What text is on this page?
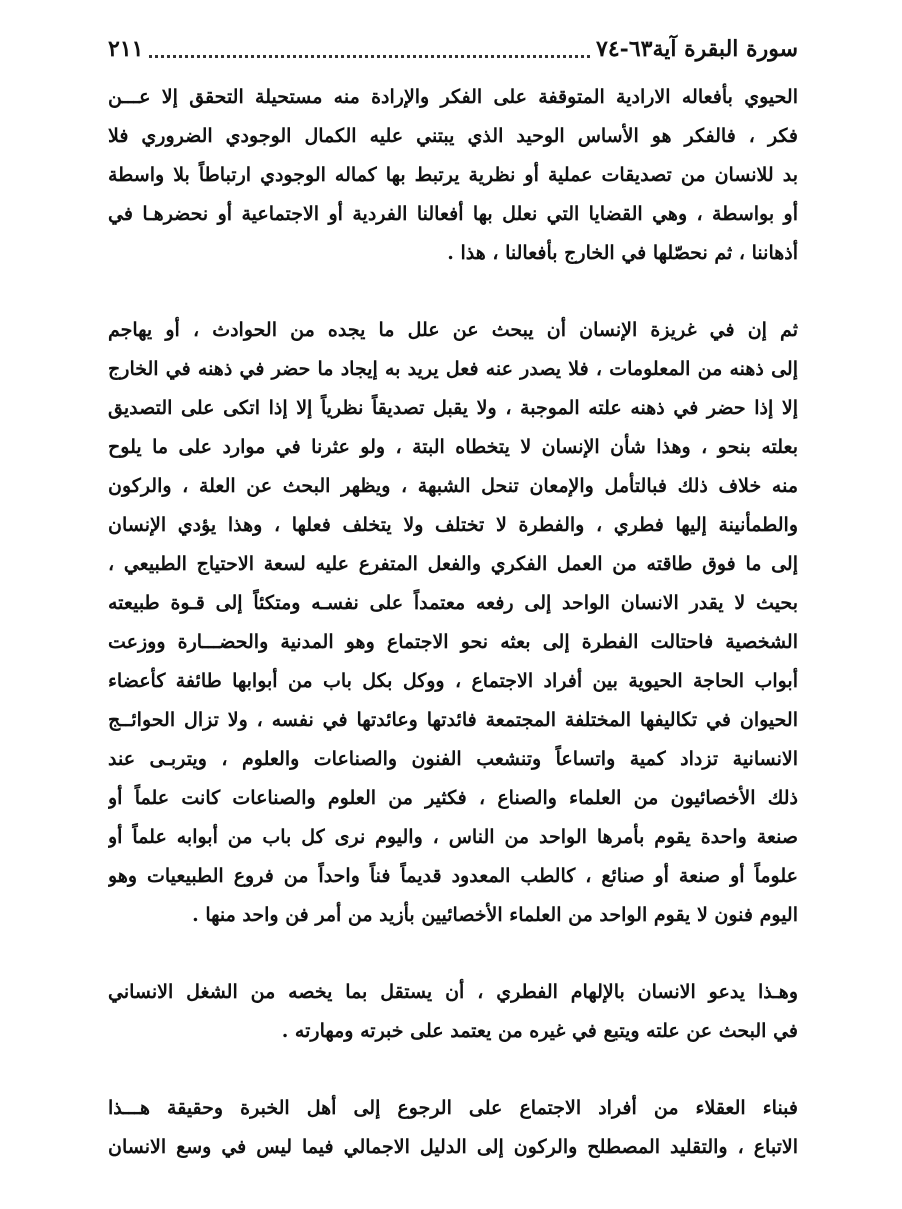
سورة البقرة آية٦٣-٧٤
٢١١
الحيوي بأفعاله الارادية المتوقفة على الفكر والإرادة منه مستحيلة التحقق إلا عـــن
فكر ، فالفكر هو الأساس الوحيد الذي يبتني عليه الكمال الوجودي الضروري فلا
بد للانسان من تصديقات عملية أو نظرية يرتبط بها كماله الوجودي ارتباطاً بلا واسطة
أو بواسطة ، وهي القضايا التي نعلل بها أفعالنا الفردية أو الاجتماعية أو نحضرهـا في
أذهاننا ، ثم نحصّلها في الخارج بأفعالنا ، هذا .
ثم إن في غريزة الإنسان أن يبحث عن علل ما يجده من الحوادث ، أو يهاجم
إلى ذهنه من المعلومات ، فلا يصدر عنه فعل يريد به إيجاد ما حضر في ذهنه في الخارج
إلا إذا حضر في ذهنه علته الموجبة ، ولا يقبل تصديقاً نظرياً إلا إذا اتكى على التصديق
بعلته بنحو ، وهذا شأن الإنسان لا يتخطاه البتة ، ولو عثرنا في موارد على ما يلوح
منه خلاف ذلك فبالتأمل والإمعان تنحل الشبهة ، ويظهر البحث عن العلة ، والركون
والطمأنينة إليها فطري ، والفطرة لا تختلف ولا يتخلف فعلها ، وهذا يؤدي الإنسان
إلى ما فوق طاقته من العمل الفكري والفعل المتفرع عليه لسعة الاحتياج الطبيعي ،
بحيث لا يقدر الانسان الواحد إلى رفعه معتمداً على نفسـه ومتكئاً إلى قـوة طبيعته
الشخصية فاحتالت الفطرة إلى بعثه نحو الاجتماع وهو المدنية والحضـــارة ووزعت
أبواب الحاجة الحيوية بين أفراد الاجتماع ، ووكل بكل باب من أبوابها طائفة كأعضاء
الحيوان في تكاليفها المختلفة المجتمعة فائدتها وعائدتها في نفسه ، ولا تزال الحوائــج
الانسانية تزداد كمية واتساعاً وتنشعب الفنون والصناعات والعلوم ، ويتربـى عند
ذلك الأخصائيون من العلماء والصناع ، فكثير من العلوم والصناعات كانت علماً أو
صنعة واحدة يقوم بأمرها الواحد من الناس ، واليوم نرى كل باب من أبوابه علماً أو
علوماً أو صنعة أو صنائع ، كالطب المعدود قديماً فناً واحداً من فروع الطبيعيات وهو
اليوم فنون لا يقوم الواحد من العلماء الأخصائيين بأزيد من أمر فن واحد منها .
وهـذا يدعو الانسان بالإلهام الفطري ، أن يستقل بما يخصه من الشغل الانساني
في البحث عن علته ويتبع في غيره من يعتمد على خبرته ومهارته .
فبناء العقلاء من أفراد الاجتماع على الرجوع إلى أهل الخبرة وحقيقة هـــذا
الاتباع ، والتقليد المصطلح والركون إلى الدليل الاجمالي فيما ليس في وسع الانسان
